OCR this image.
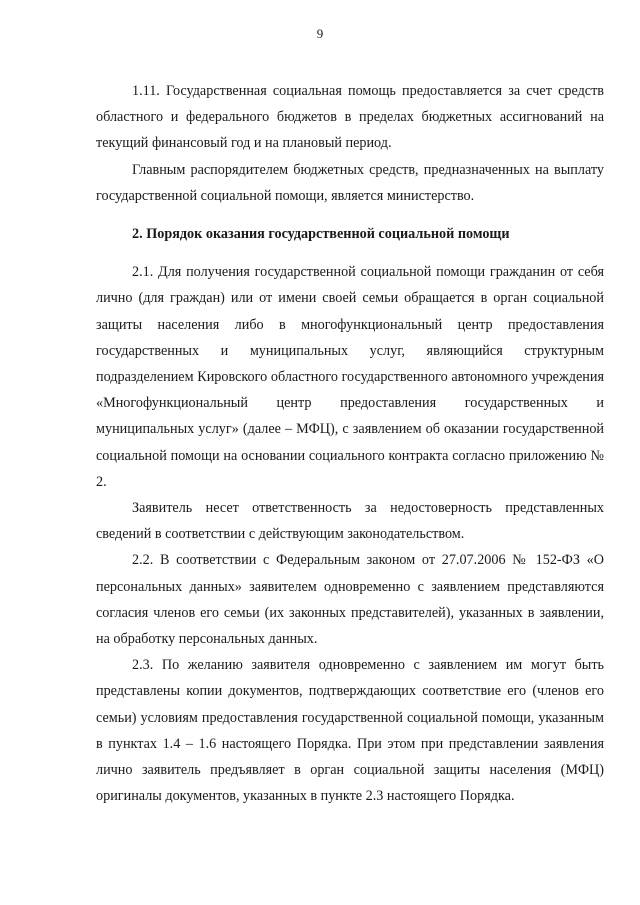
9

1.11. Государственная социальная помощь предоставляется за счет средств областного и федерального бюджетов в пределах бюджетных ассигнований на текущий финансовый год и на плановый период.

Главным распорядителем бюджетных средств, предназначенных на выплату государственной социальной помощи, является министерство.

2. Порядок оказания государственной социальной помощи

2.1. Для получения государственной социальной помощи гражданин от себя лично (для граждан) или от имени своей семьи обращается в орган социальной защиты населения либо в многофункциональный центр предоставления государственных и муниципальных услуг, являющийся структурным подразделением Кировского областного государственного автономного учреждения «Многофункциональный центр предоставления государственных и муниципальных услуг» (далее – МФЦ), с заявлением об оказании государственной социальной помощи на основании социального контракта согласно приложению № 2.

Заявитель несет ответственность за недостоверность представленных сведений в соответствии с действующим законодательством.

2.2. В соответствии с Федеральным законом от 27.07.2006 № 152-ФЗ «О персональных данных» заявителем одновременно с заявлением представляются согласия членов его семьи (их законных представителей), указанных в заявлении, на обработку персональных данных.

2.3. По желанию заявителя одновременно с заявлением им могут быть представлены копии документов, подтверждающих соответствие его (членов его семьи) условиям предоставления государственной социальной помощи, указанным в пунктах 1.4 – 1.6 настоящего Порядка. При этом при представлении заявления лично заявитель предъявляет в орган социальной защиты населения (МФЦ) оригиналы документов, указанных в пункте 2.3 настоящего Порядка.
